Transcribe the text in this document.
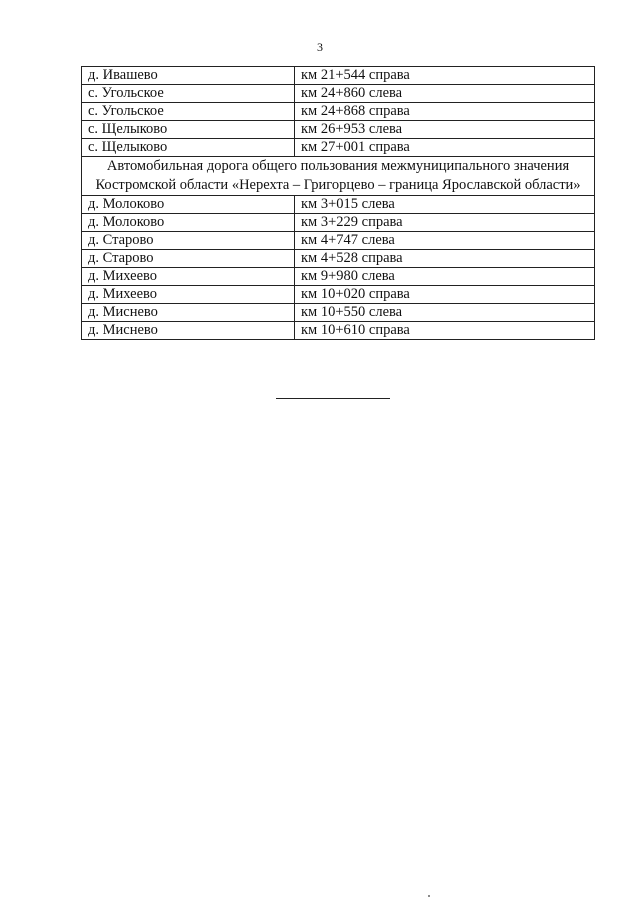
3
д. Ивашево	км 21+544 справа
с. Угольское	км 24+860 слева
с. Угольское	км 24+868 справа
с. Щелыково	км 26+953 слева
с. Щелыково	км 27+001 справа
Автомобильная дорога общего пользования межмуниципального значения Костромской области «Нерехта – Григорцево – граница Ярославской области»	
д. Молоково	км 3+015 слева
д. Молоково	км 3+229 справа
д. Старово	км 4+747 слева
д. Старово	км 4+528 справа
д. Михеево	км 9+980 слева
д. Михеево	км 10+020 справа
д. Миснево	км 10+550 слева
д. Миснево	км 10+610 справа
